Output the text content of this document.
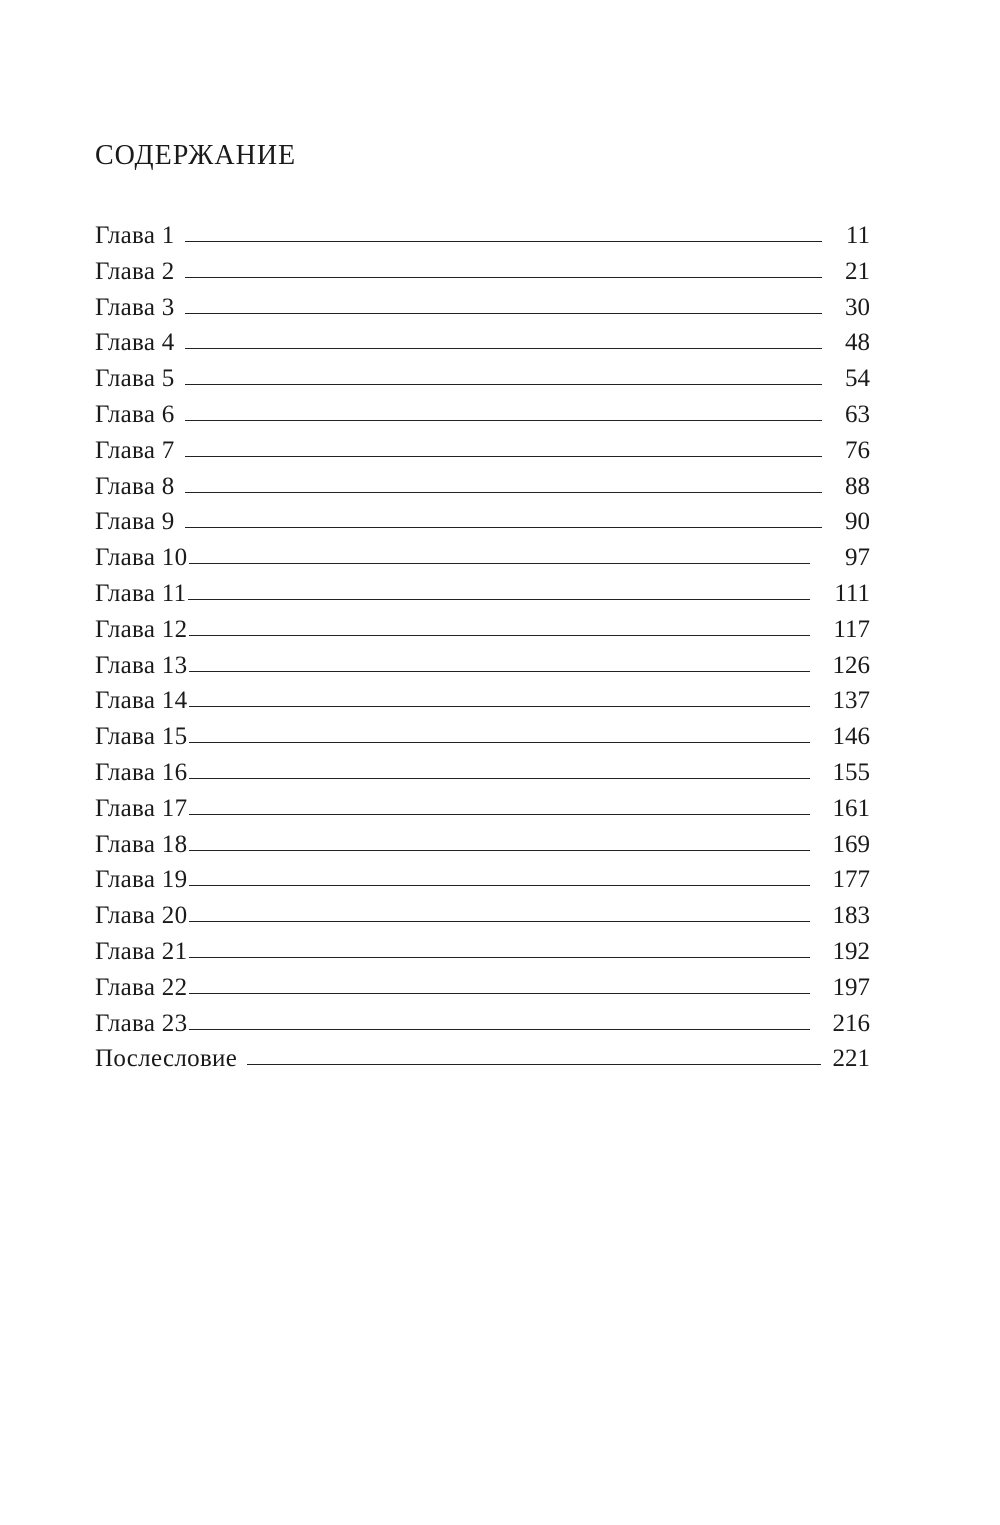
СОДЕРЖАНИЕ
Глава 1	11
Глава 2	21
Глава 3	30
Глава 4	48
Глава 5	54
Глава 6	63
Глава 7	76
Глава 8	88
Глава 9	90
Глава 10	97
Глава 11	111
Глава 12	117
Глава 13	126
Глава 14	137
Глава 15	146
Глава 16	155
Глава 17	161
Глава 18	169
Глава 19	177
Глава 20	183
Глава 21	192
Глава 22	197
Глава 23	216
Послесловие	221
